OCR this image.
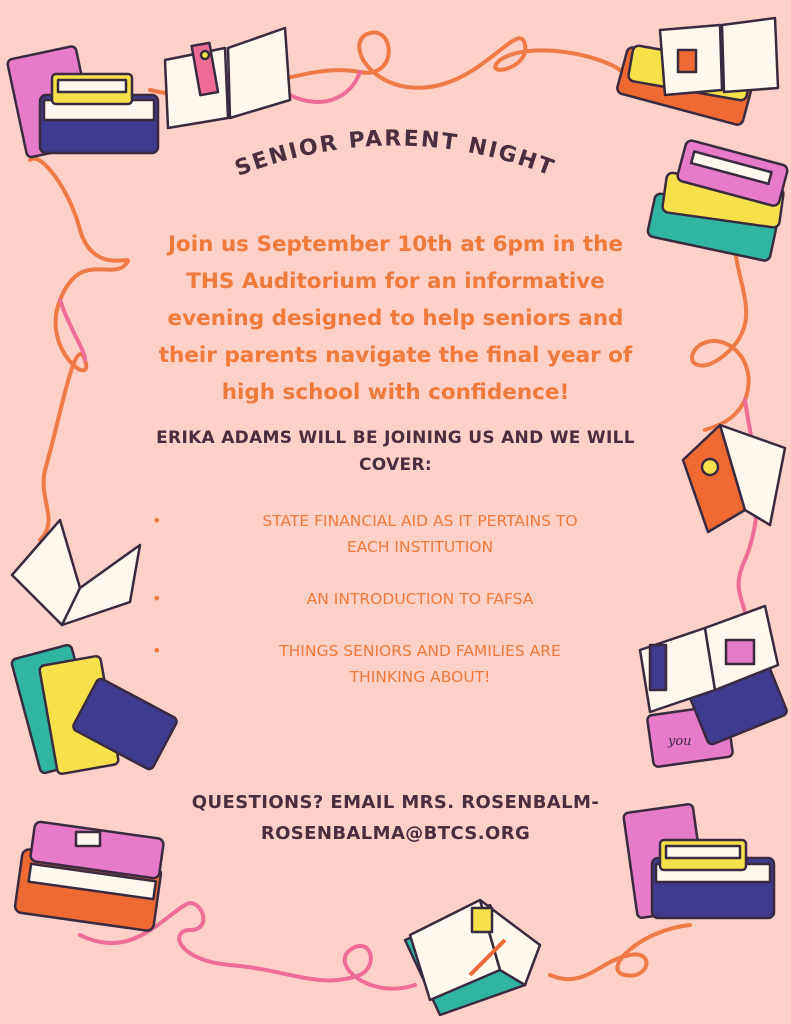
you
SENIOR PARENT NIGHT

Join us September 10th at 6pm in the
THS Auditorium for an informative
evening designed to help seniors and
their parents navigate the final year of
high school with confidence!

ERIKA ADAMS WILL BE JOINING US AND WE WILL
COVER:

•	STATE FINANCIAL AID AS IT PERTAINS TO
EACH INSTITUTION
•	AN INTRODUCTION TO FAFSA
•	THINGS SENIORS AND FAMILIES ARE
THINKING ABOUT!

QUESTIONS? EMAIL MRS. ROSENBALM-
ROSENBALMA@BTCS.ORG
